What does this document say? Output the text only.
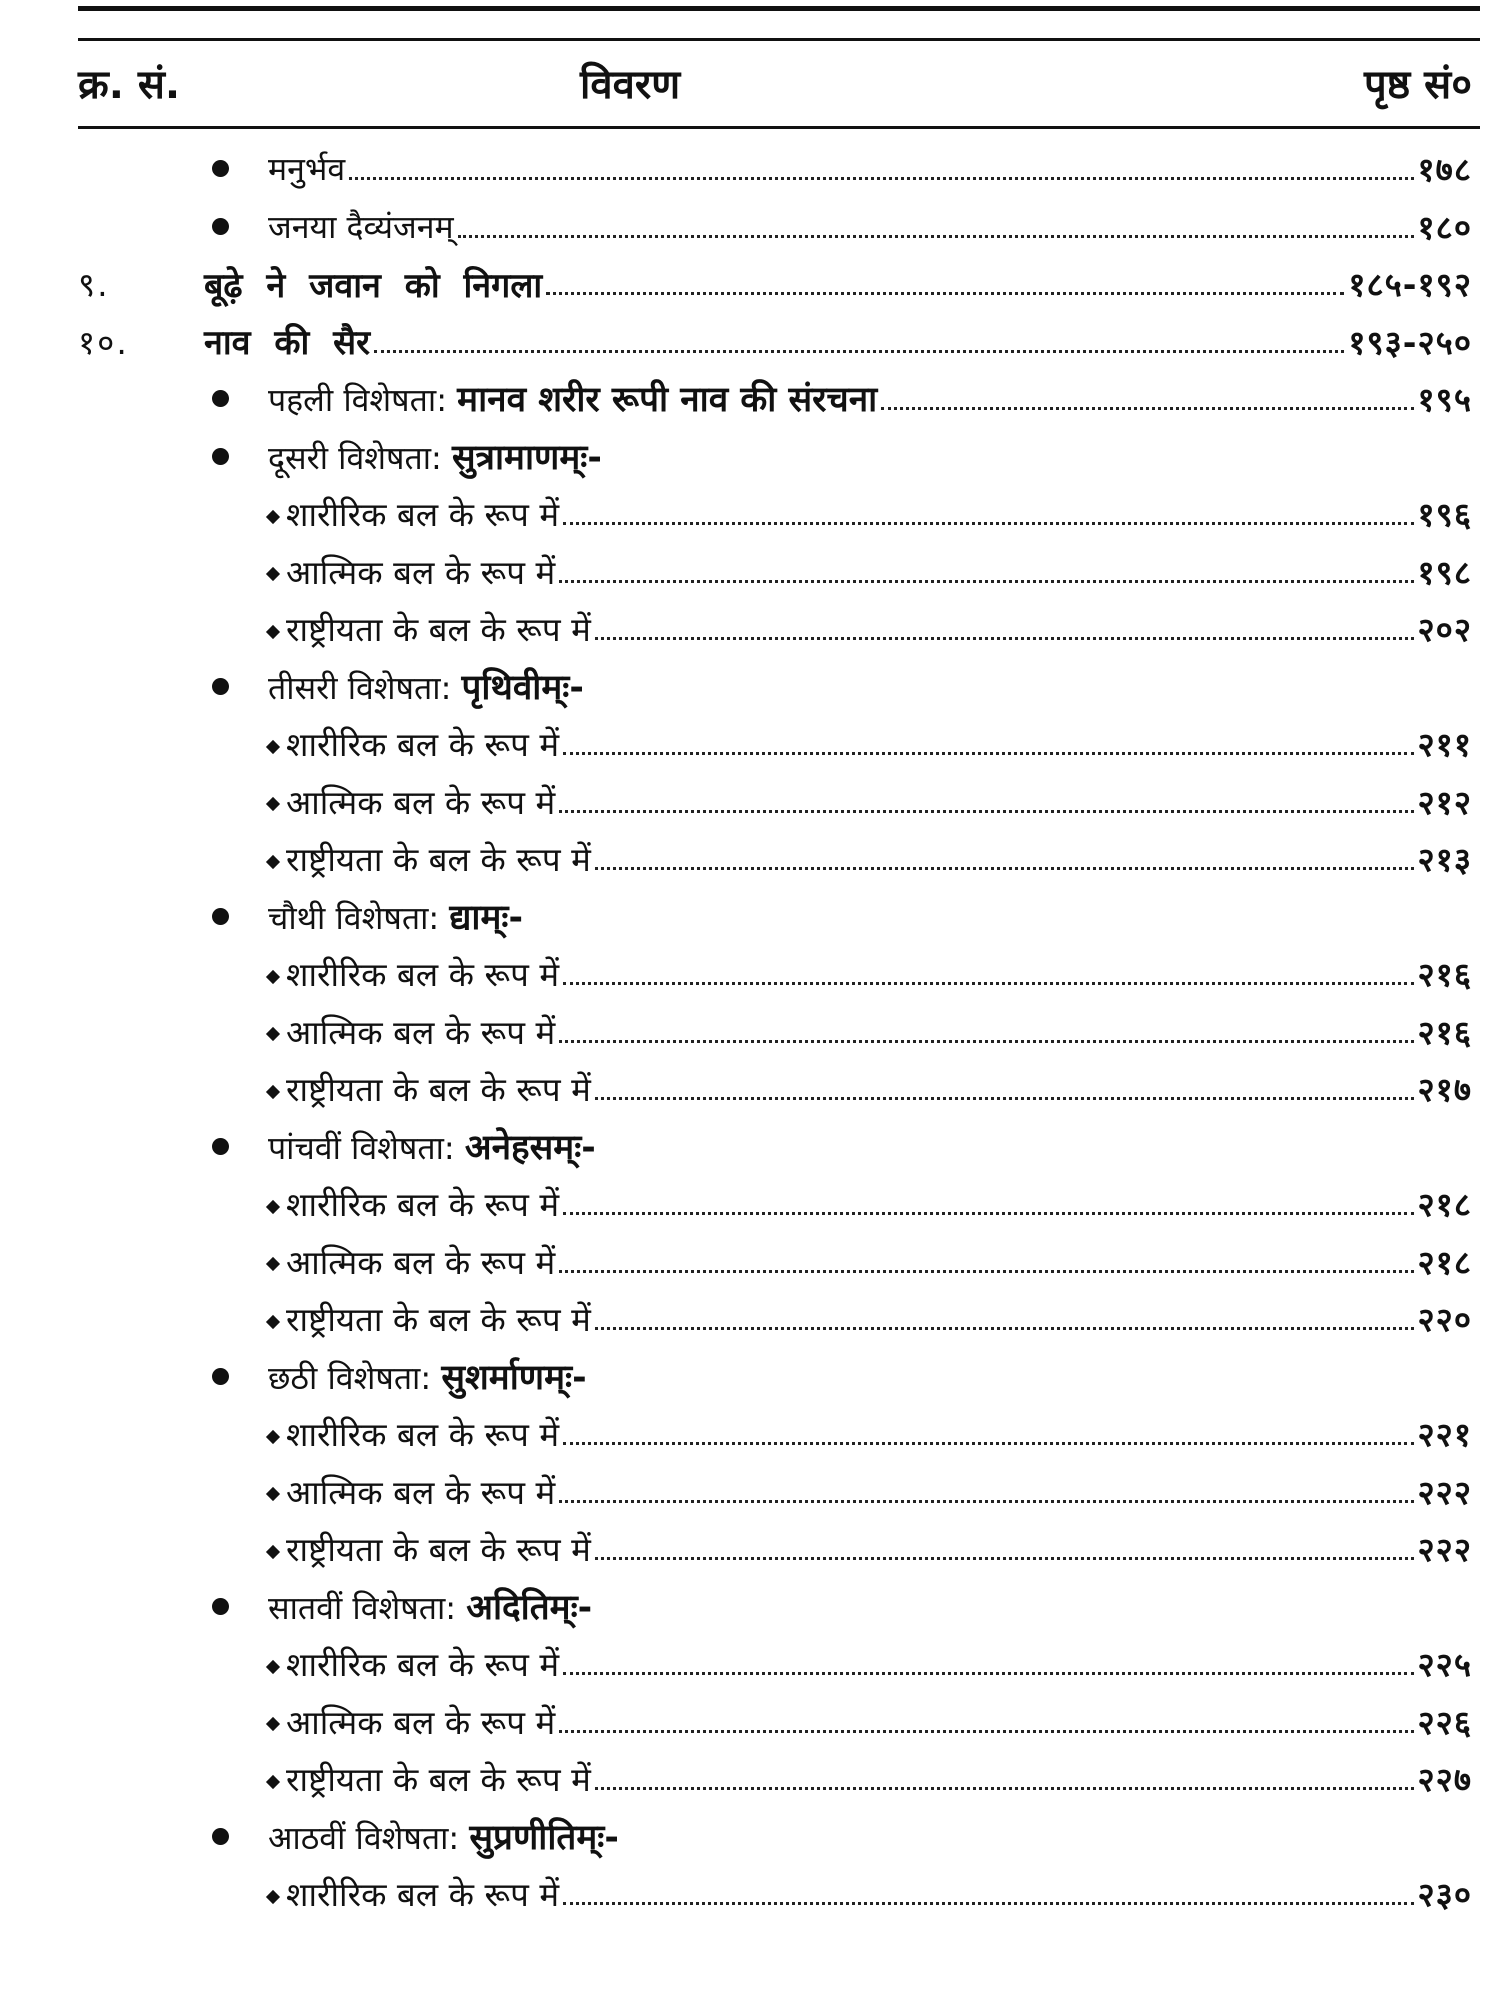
क्र. सं.	विवरण	पृष्ठ सं०
मनुर्भव	१७८
जनया दैव्यंजनम्	१८०
९.	बूढ़े ने जवान को निगला	१८५-१९२
१०. नाव की सैर	१९३-२५०
पहली विशेषता: मानव शरीर रूपी नाव की संरचना	१९५
दूसरी विशेषता: सुत्रामाणम्ः-
शारीरिक बल के रूप में	१९६
आत्मिक बल के रूप में	१९८
राष्ट्रीयता के बल के रूप में	२०२
तीसरी विशेषता: पृथिवीम्ः-
शारीरिक बल के रूप में	२११
आत्मिक बल के रूप में	२१२
राष्ट्रीयता के बल के रूप में	२१३
चौथी विशेषता: द्याम्ः-
शारीरिक बल के रूप में	२१६
आत्मिक बल के रूप में	२१६
राष्ट्रीयता के बल के रूप में	२१७
पांचवीं विशेषता: अनेहसम्ः-
शारीरिक बल के रूप में	२१८
आत्मिक बल के रूप में	२१८
राष्ट्रीयता के बल के रूप में	२२०
छठी विशेषता: सुशर्माणम्ः-
शारीरिक बल के रूप में	२२१
आत्मिक बल के रूप में	२२२
राष्ट्रीयता के बल के रूप में	२२२
सातवीं विशेषता: अदितिम्ः-
शारीरिक बल के रूप में	२२५
आत्मिक बल के रूप में	२२६
राष्ट्रीयता के बल के रूप में	२२७
आठवीं विशेषता: सुप्रणीतिम्ः-
शारीरिक बल के रूप में	२३०
